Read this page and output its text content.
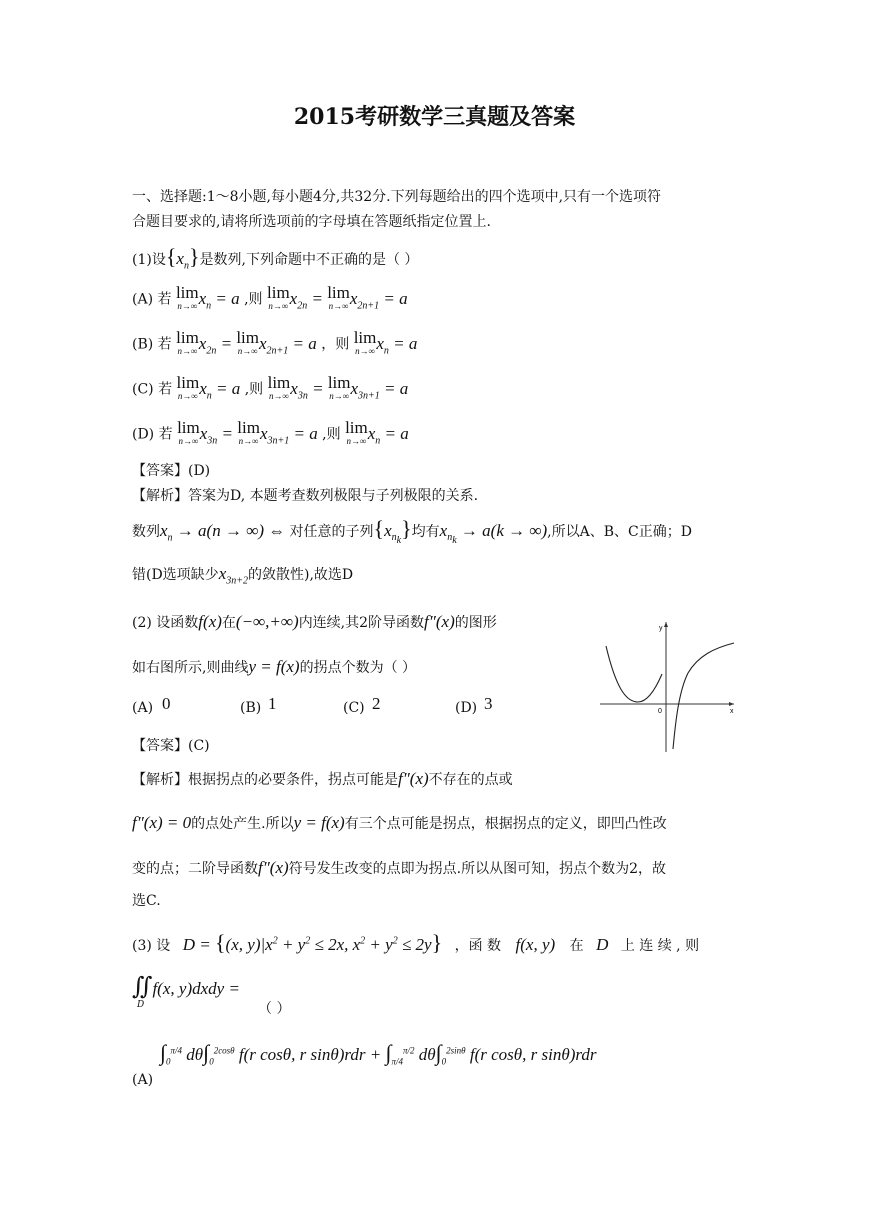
2015考研数学三真题及答案
一、选择题:1～8小题,每小题4分,共32分.下列每题给出的四个选项中,只有一个选项符
合题目要求的,请将所选项前的字母填在答题纸指定位置上.
(1)设$\{x_n\}$是数列,下列命题中不正确的是（ ）
(A) 若 lim
n→∞ $x_n = a$ ,则 lim
n→∞ $x_{2n} = \lim$
n→∞ $x_{2n+1} = a$
(B) 若 lim
n→∞ $x_{2n} = \lim$
n→∞ $x_{2n+1} = a$ ，则 lim
n→∞ $x_n = a$
(C) 若 lim
n→∞ $x_n = a$ ,则 lim
n→∞ $x_{3n} = \lim$
n→∞ $x_{3n+1} = a$
(D) 若 lim
n→∞ $x_{3n} = \lim$
n→∞ $x_{3n+1} = a$ ,则 lim
n→∞ $x_n = a$
【答案】(D)
【解析】答案为D, 本题考查数列极限与子列极限的关系.
数列$x_n \to a(n$ → ∞) ⇔ 对任意的子列$\{x_{n_k}\}$均有$x_{n_k} \to a(k$ → ∞),所以A、B、C正确；D
错(D选项缺少$x_{3n+2}$的敛散性),故选D
(2) 设函数f(x)在(−∞,+∞)内连续,其2阶导函数f″(x)的图形
如右图所示,则曲线y = f(x)的拐点个数为（ ）
(A) 0	(B) 1	(C) 2	(D) 3
y
x
0
【答案】(C)
【解析】根据拐点的必要条件，拐点可能是f″(x)不存在的点或
f″(x) = 0的点处产生.所以y = f(x)有三个点可能是拐点，根据拐点的定义，即凹凸性改
变的点；二阶导函数f″(x)符号发生改变的点即为拐点.所以从图可知，拐点个数为2，故
选C.
(3) 设 D = {(x, $y)|x^2 + y^2 \le 2x$, $x^2 + y^2 \le 2y$} ，函 数 f(x, y) 在 D 上 连 续 , 则
∬f(x, y)dxdy =
D	（ ）
$\int_0^{\pi/4}$ $d\theta\int_0^{2cos\theta}$ f(r cosθ, r $\sin\theta)rdr + \int_{\pi/4}^{\pi/2}$ $d\theta\int_0^{2sin\theta}$ f(r cosθ, r sinθ)rdr
(A)
